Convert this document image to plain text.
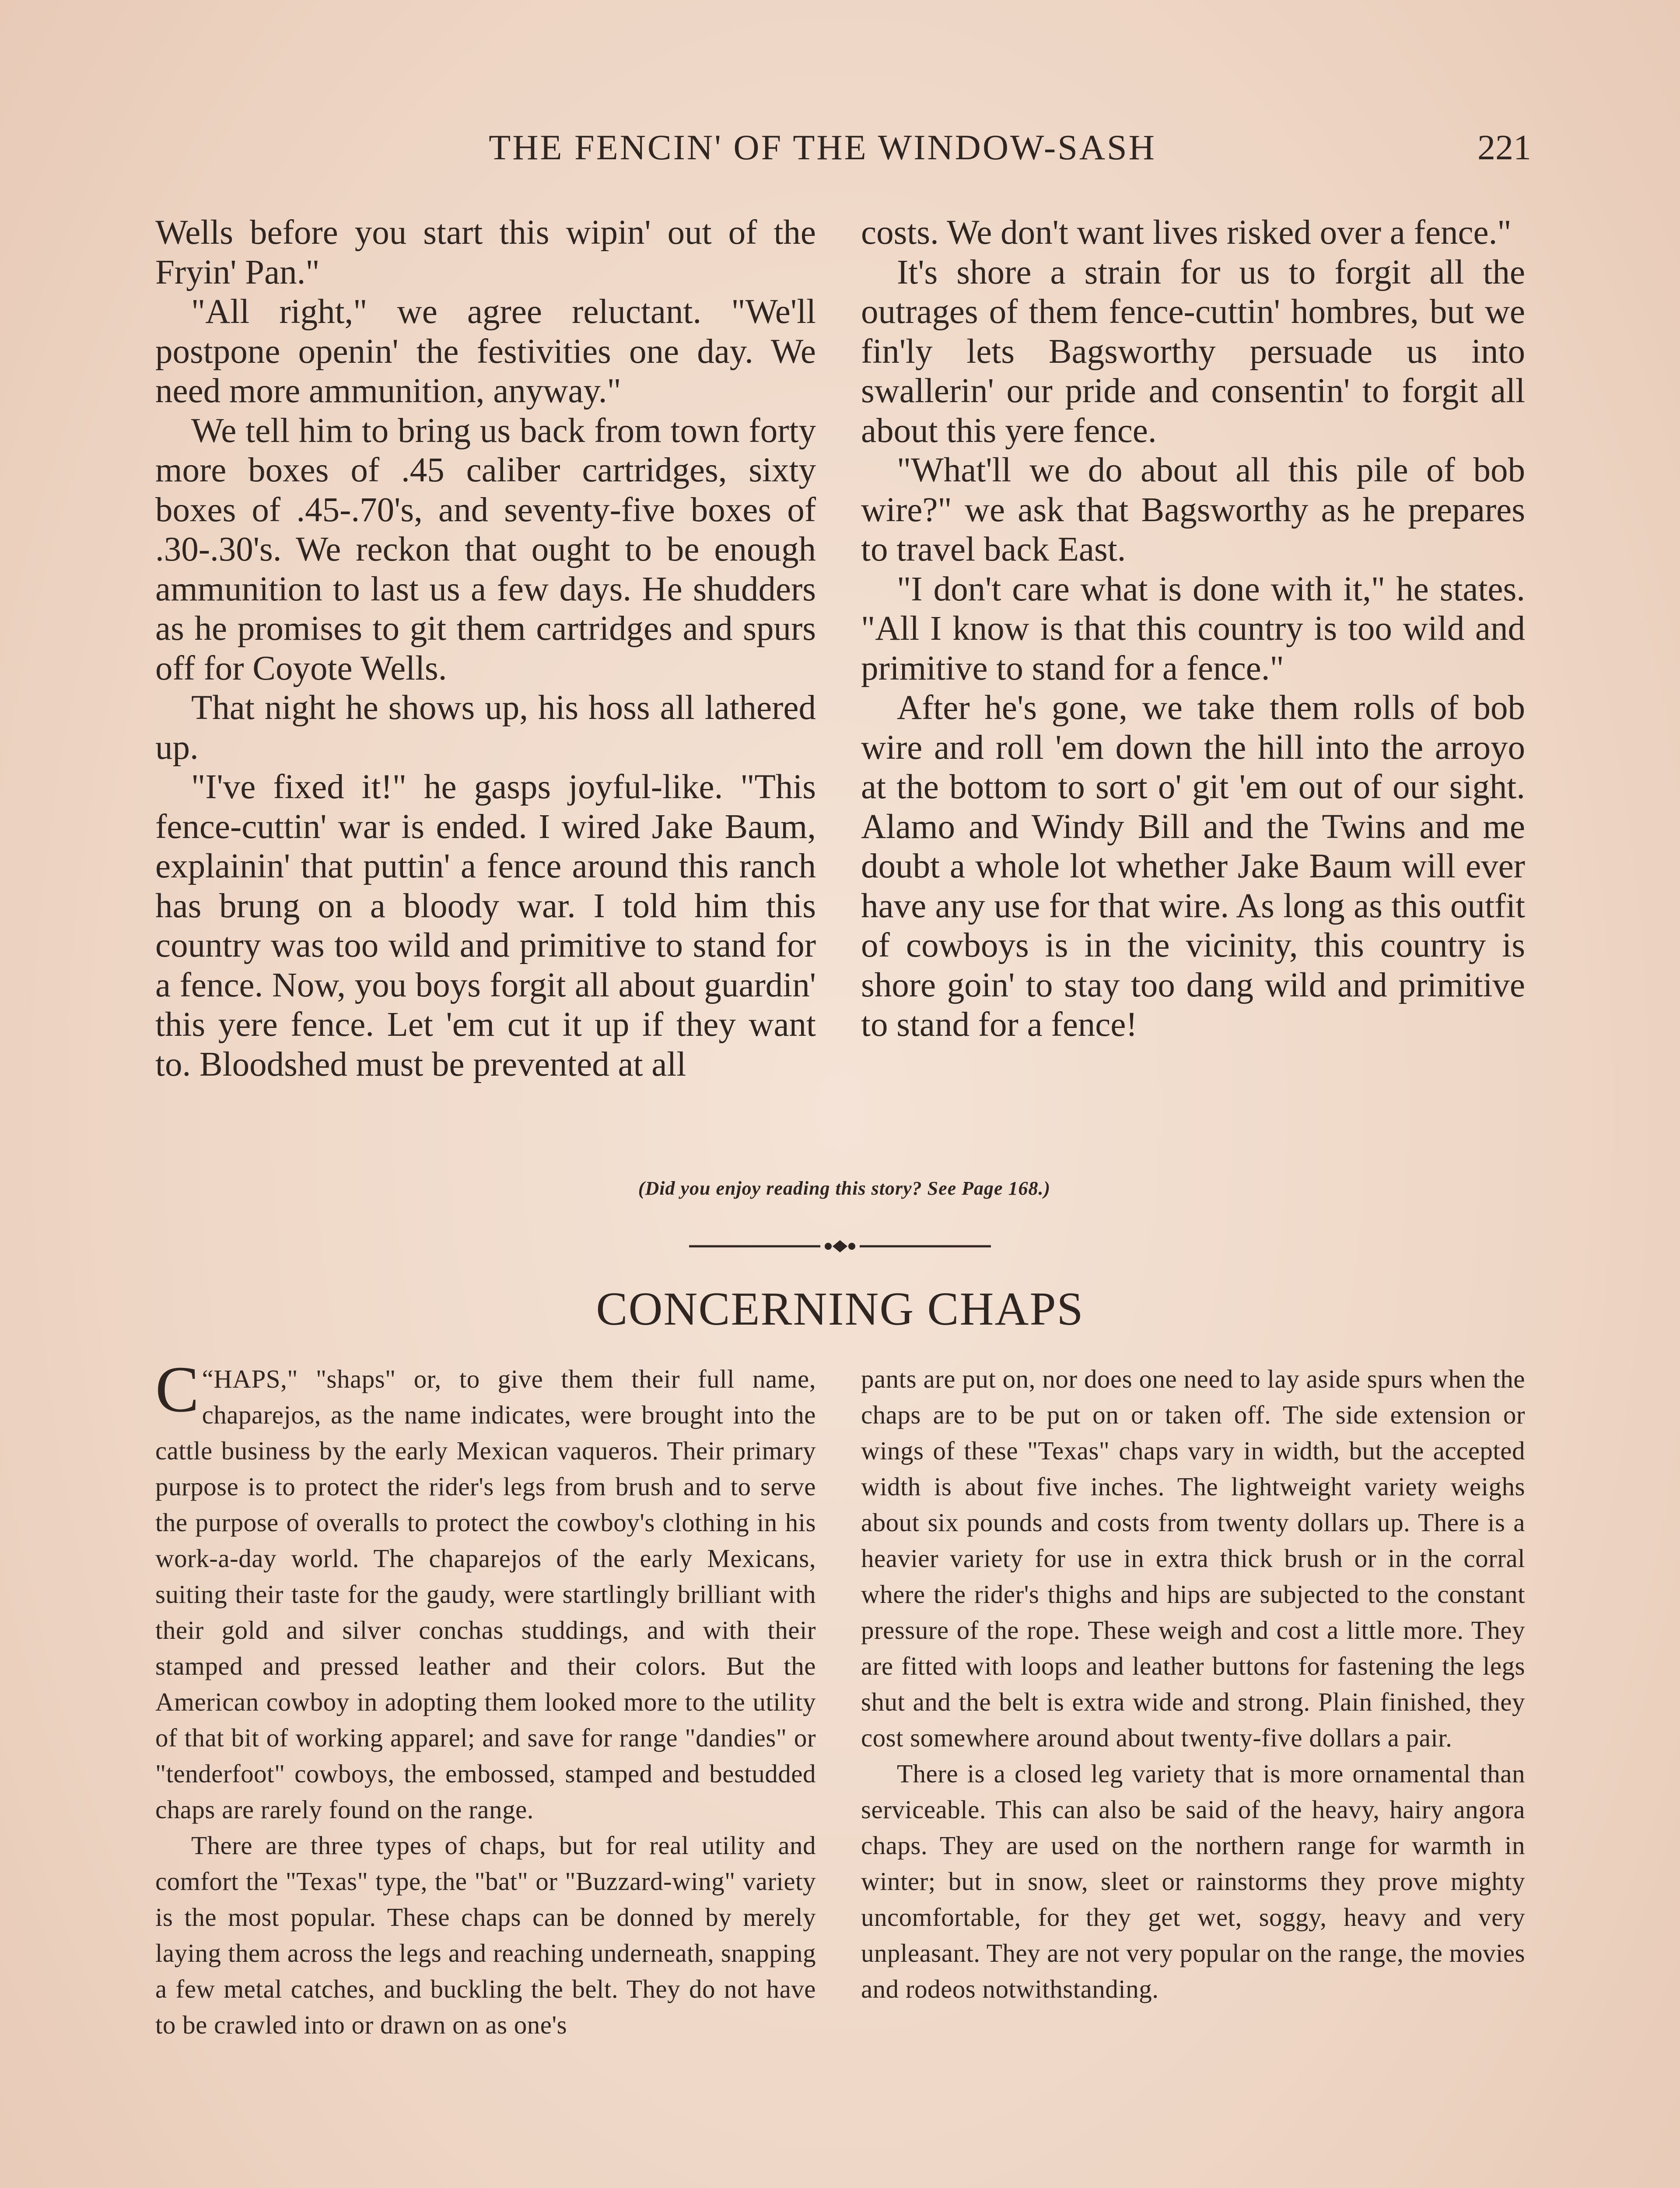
THE FENCIN' OF THE WINDOW-SASH	221

Wells before you start this wipin' out of the Fryin' Pan."

"All right," we agree reluctant. "We'll postpone openin' the festivities one day. We need more ammunition, anyway."

We tell him to bring us back from town forty more boxes of .45 caliber cartridges, sixty boxes of .45-.70's, and seventy-five boxes of .30-.30's. We reckon that ought to be enough ammunition to last us a few days. He shudders as he promises to git them cartridges and spurs off for Coyote Wells.

That night he shows up, his hoss all lathered up.

"I've fixed it!" he gasps joyful-like. "This fence-cuttin' war is ended. I wired Jake Baum, explainin' that puttin' a fence around this ranch has brung on a bloody war. I told him this country was too wild and primitive to stand for a fence. Now, you boys forgit all about guardin' this yere fence. Let 'em cut it up if they want to. Bloodshed must be prevented at all

costs. We don't want lives risked over a fence."

It's shore a strain for us to forgit all the outrages of them fence-cuttin' hombres, but we fin'ly lets Bagsworthy persuade us into swallerin' our pride and consentin' to forgit all about this yere fence.

"What'll we do about all this pile of bob wire?" we ask that Bagsworthy as he prepares to travel back East.

"I don't care what is done with it," he states. "All I know is that this country is too wild and primitive to stand for a fence."

After he's gone, we take them rolls of bob wire and roll 'em down the hill into the arroyo at the bottom to sort o' git 'em out of our sight. Alamo and Windy Bill and the Twins and me doubt a whole lot whether Jake Baum will ever have any use for that wire. As long as this outfit of cowboys is in the vicinity, this country is shore goin' to stay too dang wild and primitive to stand for a fence!

(Did you enjoy reading this story? See Page 168.)
CONCERNING CHAPS

“
C HAPS," "shaps" or, to give them their full name, chaparejos, as the name indicates, were brought into the cattle business by the early Mexican vaqueros. Their primary purpose is to protect the rider's legs from brush and to serve the purpose of overalls to protect the cowboy's clothing in his work-a-day world. The chaparejos of the early Mexicans, suiting their taste for the gaudy, were startlingly brilliant with their gold and silver conchas studdings, and with their stamped and pressed leather and their colors. But the American cowboy in adopting them looked more to the utility of that bit of working apparel; and save for range "dandies" or "tenderfoot" cowboys, the embossed, stamped and bestudded chaps are rarely found on the range.

There are three types of chaps, but for real utility and comfort the "Texas" type, the "bat" or "Buzzard-wing" variety is the most popular. These chaps can be donned by merely laying them across the legs and reaching underneath, snapping a few metal catches, and buckling the belt. They do not have to be crawled into or drawn on as one's

pants are put on, nor does one need to lay aside spurs when the chaps are to be put on or taken off. The side extension or wings of these "Texas" chaps vary in width, but the accepted width is about five inches. The lightweight variety weighs about six pounds and costs from twenty dollars up. There is a heavier variety for use in extra thick brush or in the corral where the rider's thighs and hips are subjected to the constant pressure of the rope. These weigh and cost a little more. They are fitted with loops and leather buttons for fastening the legs shut and the belt is extra wide and strong. Plain finished, they cost somewhere around about twenty-five dollars a pair.

There is a closed leg variety that is more ornamental than serviceable. This can also be said of the heavy, hairy angora chaps. They are used on the northern range for warmth in winter; but in snow, sleet or rainstorms they prove mighty uncomfortable, for they get wet, soggy, heavy and very unpleasant. They are not very popular on the range, the movies and rodeos notwithstanding.
